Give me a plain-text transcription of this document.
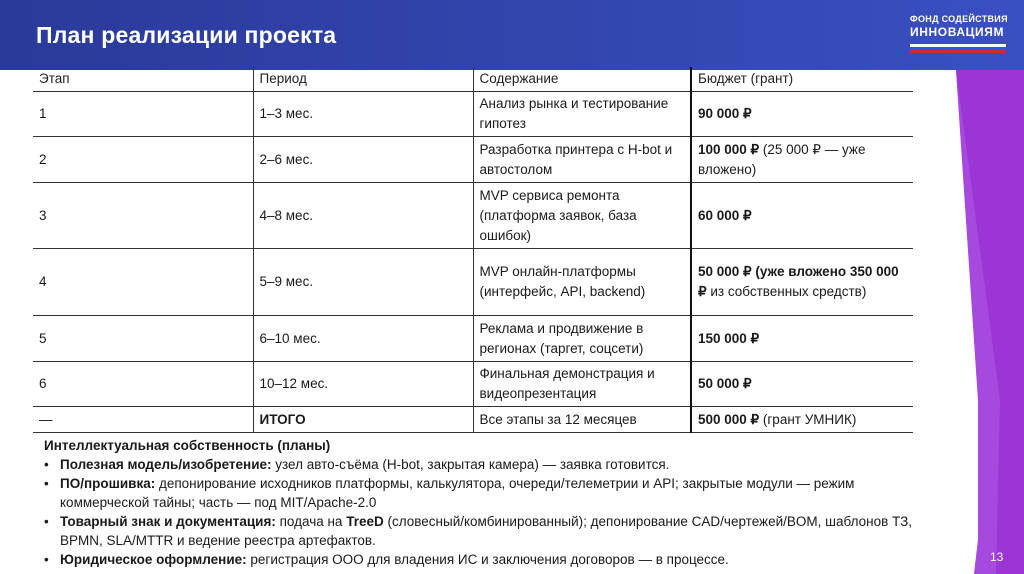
План реализации проекта
ФОНД СОДЕЙСТВИЯ
ИННОВАЦИЯМ
Этап	Период	Содержание	Бюджет (грант)
1	1–3 мес.	Анализ рынка и тестирование гипотез	90 000 ₽
2	2–6 мес.	Разработка принтера с H-bot и автостолом	100 000 ₽ (25 000 ₽ — уже вложено)
3	4–8 мес.	MVP сервиса ремонта (платформа заявок, база ошибок)	60 000 ₽
4	5–9 мес.	MVP онлайн-платформы (интерфейс, API, backend)	50 000 ₽ (уже вложено 350 000 ₽ из собственных средств)
5	6–10 мес.	Реклама и продвижение в регионах (таргет, соцсети)	150 000 ₽
6	10–12 мес.	Финальная демонстрация и видеопрезентация	50 000 ₽
—	ИТОГО	Все этапы за 12 месяцев	500 000 ₽ (грант УМНИК)
Интеллектуальная собственность (планы)
• Полезная модель/изобретение: узел авто-съёма (H-bot, закрытая камера) — заявка готовится.
• ПО/прошивка: депонирование исходников платформы, калькулятора, очереди/телеметрии и API; закрытые модули — режим коммерческой тайны; часть — под MIT/Apache-2.0
• Товарный знак и документация: подача на TreeD (словесный/комбинированный); депонирование CAD/чертежей/BOM, шаблонов ТЗ, BPMN, SLA/MTTR и ведение реестра артефактов.
• Юридическое оформление: регистрация ООО для владения ИС и заключения договоров — в процессе.	13
